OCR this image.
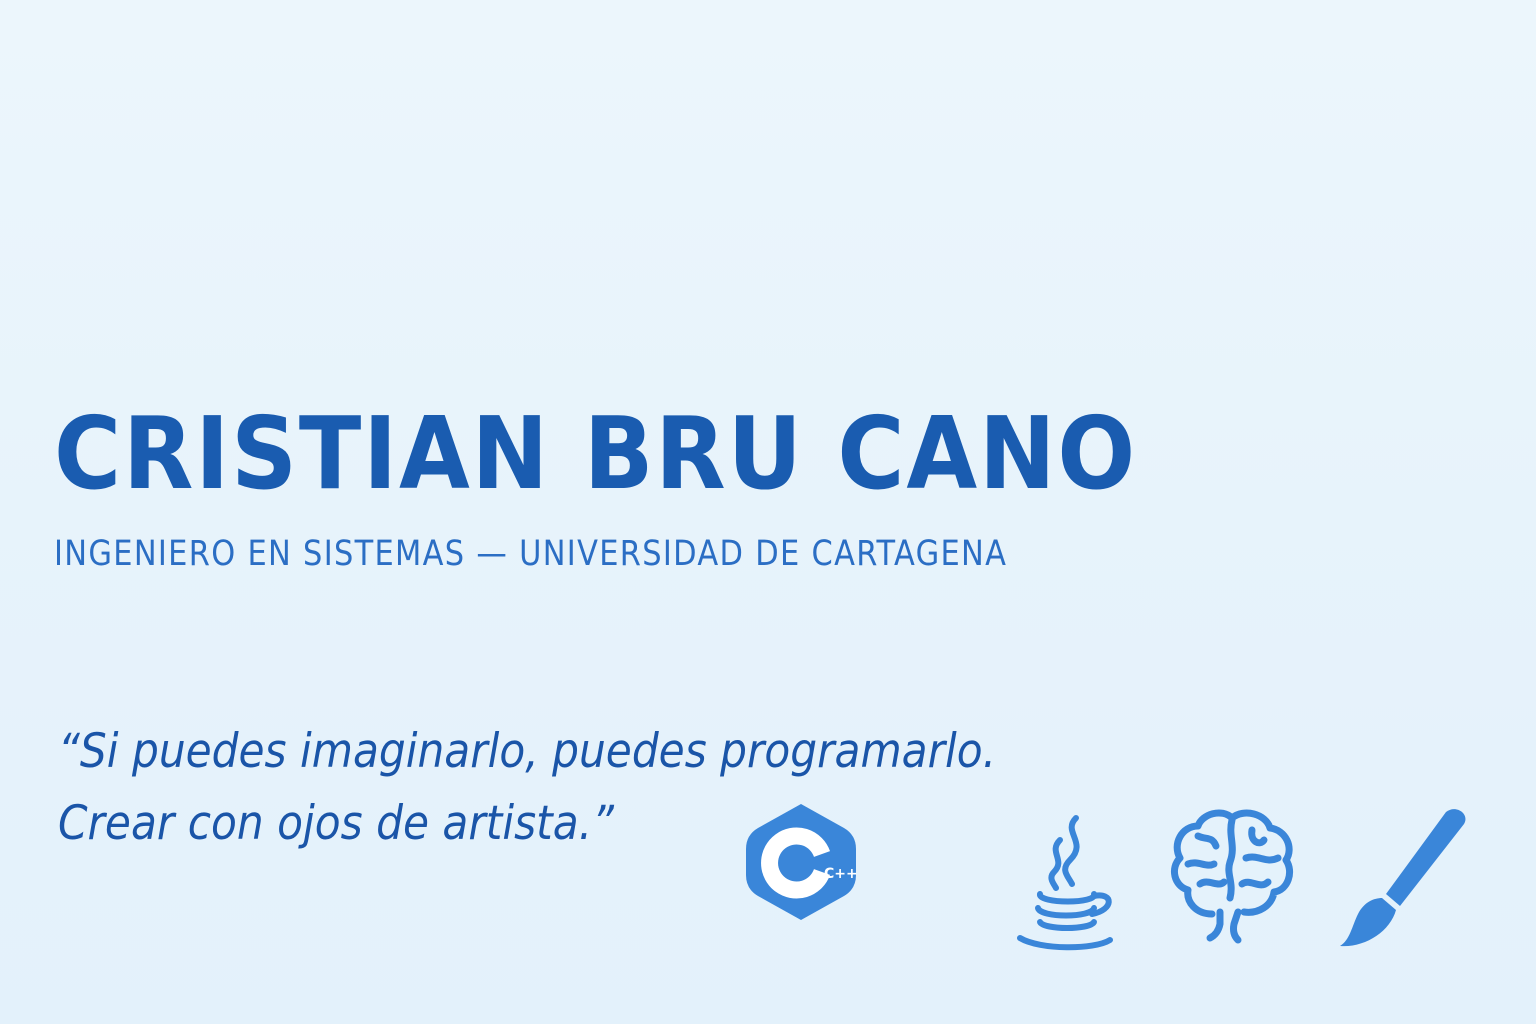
CRISTIAN BRU CANO

INGENIERO EN SISTEMAS — UNIVERSIDAD DE CARTAGENA

“Si puedes imaginarlo, puedes programarlo.
Crear con ojos de artista.”

C++
